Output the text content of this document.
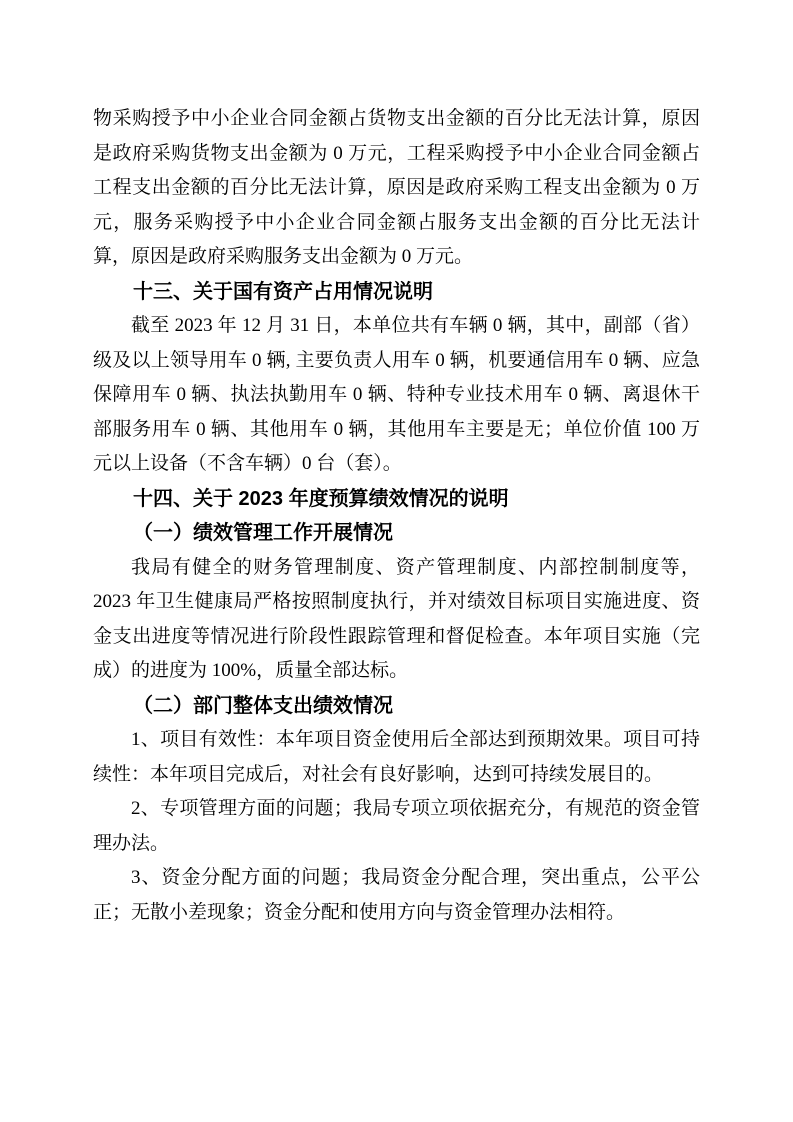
物采购授予中小企业合同金额占货物支出金额的百分比无法计算，原因是政府采购货物支出金额为 0 万元，工程采购授予中小企业合同金额占工程支出金额的百分比无法计算，原因是政府采购工程支出金额为 0 万元，服务采购授予中小企业合同金额占服务支出金额的百分比无法计算，原因是政府采购服务支出金额为 0 万元。

十三、关于国有资产占用情况说明

截至 2023 年 12 月 31 日，本单位共有车辆 0 辆，其中，副部（省）级及以上领导用车 0 辆, 主要负责人用车 0 辆，机要通信用车 0 辆、应急保障用车 0 辆、执法执勤用车 0 辆、特种专业技术用车 0 辆、离退休干部服务用车 0 辆、其他用车 0 辆，其他用车主要是无；单位价值 100 万元以上设备（不含车辆）0 台（套）。

十四、关于 2023 年度预算绩效情况的说明

（一）绩效管理工作开展情况

我局有健全的财务管理制度、资产管理制度、内部控制制度等，2023 年卫生健康局严格按照制度执行，并对绩效目标项目实施进度、资金支出进度等情况进行阶段性跟踪管理和督促检查。本年项目实施（完成）的进度为 100%，质量全部达标。

（二）部门整体支出绩效情况

1、项目有效性：本年项目资金使用后全部达到预期效果。项目可持续性：本年项目完成后，对社会有良好影响，达到可持续发展目的。

2、专项管理方面的问题；我局专项立项依据充分，有规范的资金管理办法。

3、资金分配方面的问题；我局资金分配合理，突出重点，公平公正；无散小差现象；资金分配和使用方向与资金管理办法相符。
